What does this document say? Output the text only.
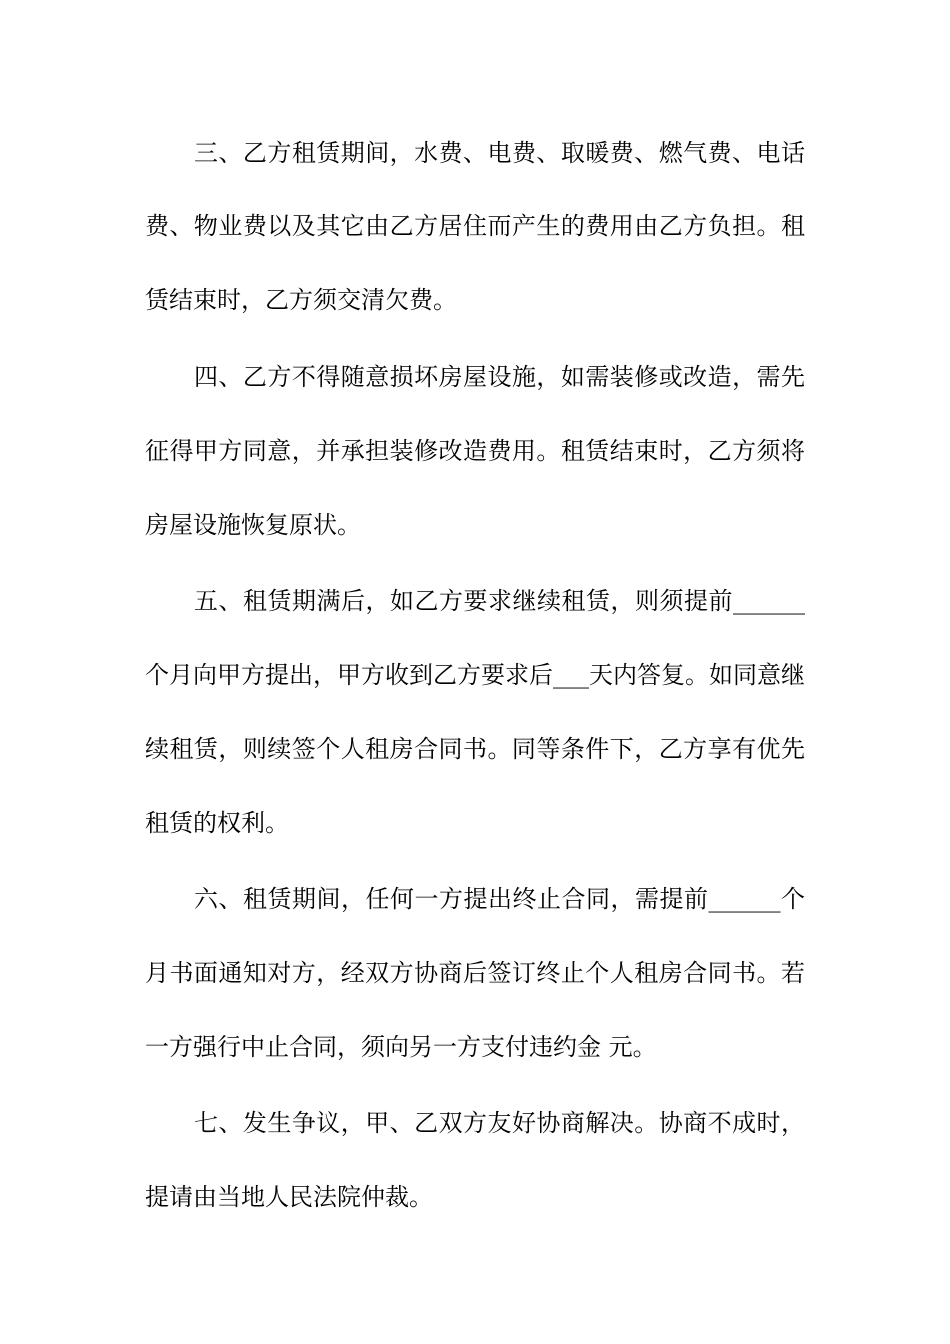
三、乙方租赁期间，水费、电费、取暖费、燃气费、电话
费、物业费以及其它由乙方居住而产生的费用由乙方负担。租
赁结束时，乙方须交清欠费。
四、乙方不得随意损坏房屋设施，如需装修或改造，需先
征得甲方同意，并承担装修改造费用。租赁结束时，乙方须将
房屋设施恢复原状。
五、租赁期满后，如乙方要求继续租赁，则须提前______
个月向甲方提出，甲方收到乙方要求后___天内答复。如同意继
续租赁，则续签个人租房合同书。同等条件下，乙方享有优先
租赁的权利。
六、租赁期间，任何一方提出终止合同，需提前______个
月书面通知对方，经双方协商后签订终止个人租房合同书。若
一方强行中止合同，须向另一方支付违约金 元。
七、发生争议，甲、乙双方友好协商解决。协商不成时，
提请由当地人民法院仲裁。
